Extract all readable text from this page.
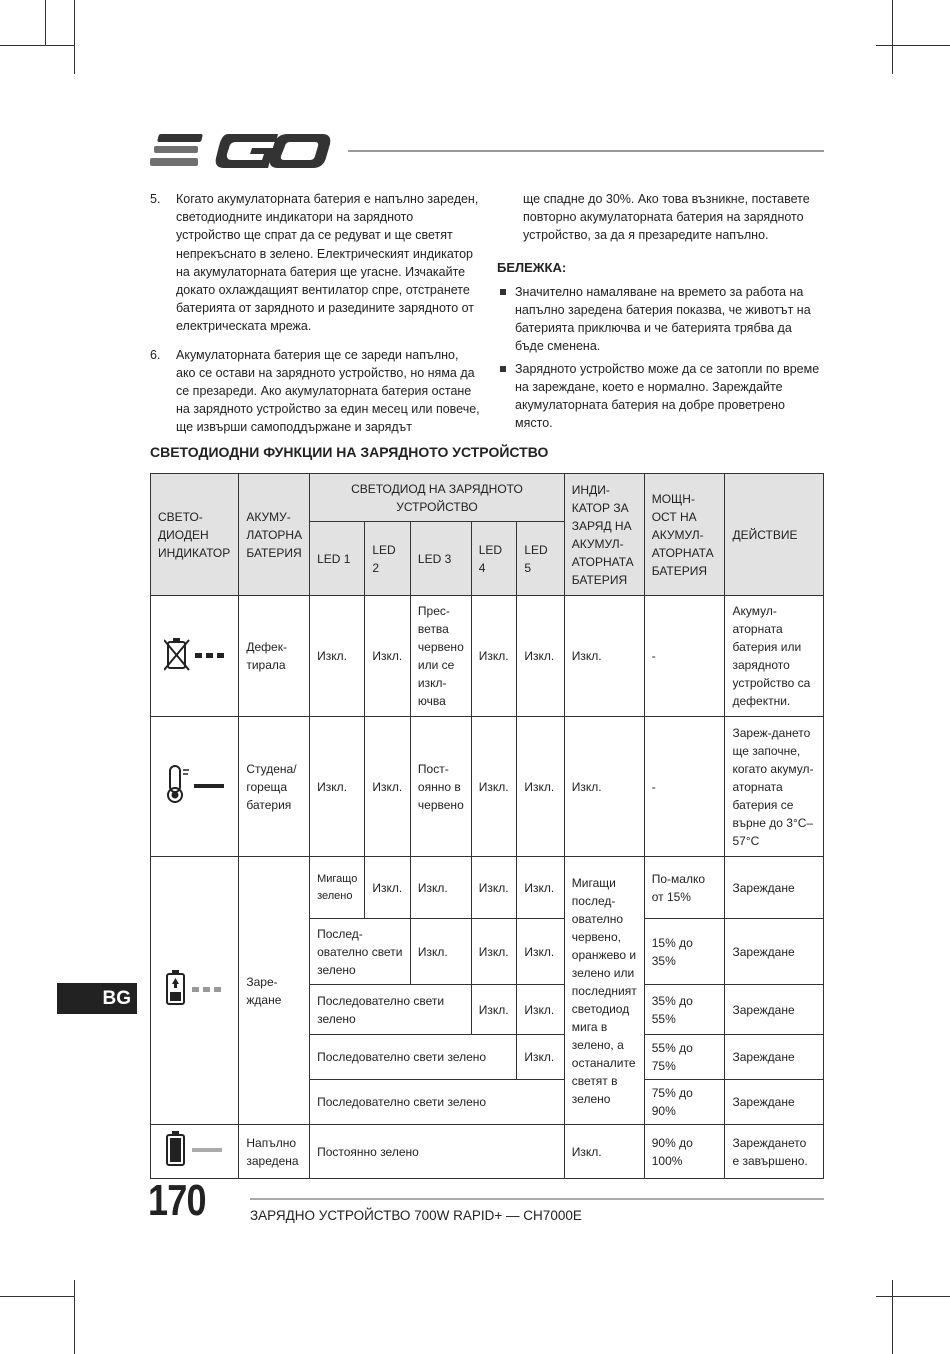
5.	Когато акумулаторната батерия е напълно зареден, светодиодните индикатори на зарядното устройство ще спрат да се редуват и ще светят непрекъснато в зелено. Електрическият индикатор на акумулаторната батерия ще угасне. Изчакайте докато охлаждащият вентилатор спре, отстранете батерията от зарядното и разедините зарядното от електрическата мрежа.
6.	Акумулаторната батерия ще се зареди напълно, ако се остави на зарядното устройство, но няма да се презареди. Ако акумулаторната батерия остане на зарядното устройство за един месец или повече, ще извърши самоподдържане и зарядът
ще спадне до 30%. Ако това възникне, поставете повторно акумулаторната батерия на зарядното устройство, за да я презаредите напълно.
БЕЛЕЖКА:
Значително намаляване на времето за работа на напълно заредена батерия показва, че животът на батерията приключва и че батерията трябва да бъде сменена.
Зарядното устройство може да се затопли по време на зареждане, което е нормално. Зареждайте акумулаторната батерия на добре проветрено място.
СВЕТОДИОДНИ ФУНКЦИИ НА ЗАРЯДНОТО УСТРОЙСТВО
СВЕТО-ДИОДЕН ИНДИКАТОР	АКУМУ-ЛАТОРНА БАТЕРИЯ	СВЕТОДИОД НА ЗАРЯДНОТО УСТРОЙСТВО					ИНДИ-КАТОР ЗА ЗАРЯД НА АКУМУЛ-АТОРНАТА БАТЕРИЯ	МОЩН-ОСТ НА АКУМУЛ-АТОРНАТА БАТЕРИЯ	ДЕЙСТВИЕ
		LED 1	LED 2	LED 3	LED 4	LED 5			
	Дефек-тирала	Изкл.	Изкл.	Прес-ветва червено или се изкл-ючва	Изкл.	Изкл.	Изкл.	-	Акумул-аторната батерия или зарядното устройство са дефектни.
	Студена/ гореща батерия	Изкл.	Изкл.	Пост-оянно в червено	Изкл.	Изкл.	Изкл.	-	Зареж-дането ще започне, когато акумул-аторната батерия се върне до 3°C–57°C
	Заре-ждане	Мигащо зелено	Изкл.	Изкл.	Изкл.	Изкл.	Мигащи послед-ователно червено, оранжево и зелено или последният светодиод мига в зелено, а останалите светят в зелено	По-малко от 15%	Зареждане
		Послед-ователно свети зелено		Изкл.	Изкл.	Изкл.		15% до 35%	Зареждане
		Последователно свети зелено			Изкл.	Изкл.		35% до 55%	Зареждане
		Последователно свети зелено				Изкл.		55% до 75%	Зареждане
		Последователно свети зелено						75% до 90%	Зареждане
	Напълно заредена	Постоянно зелено					Изкл.	90% до 100%	Зареждането е завършено.
BG
170	ЗАРЯДНО УСТРОЙСТВО 700W RAPID+ — CH7000E
